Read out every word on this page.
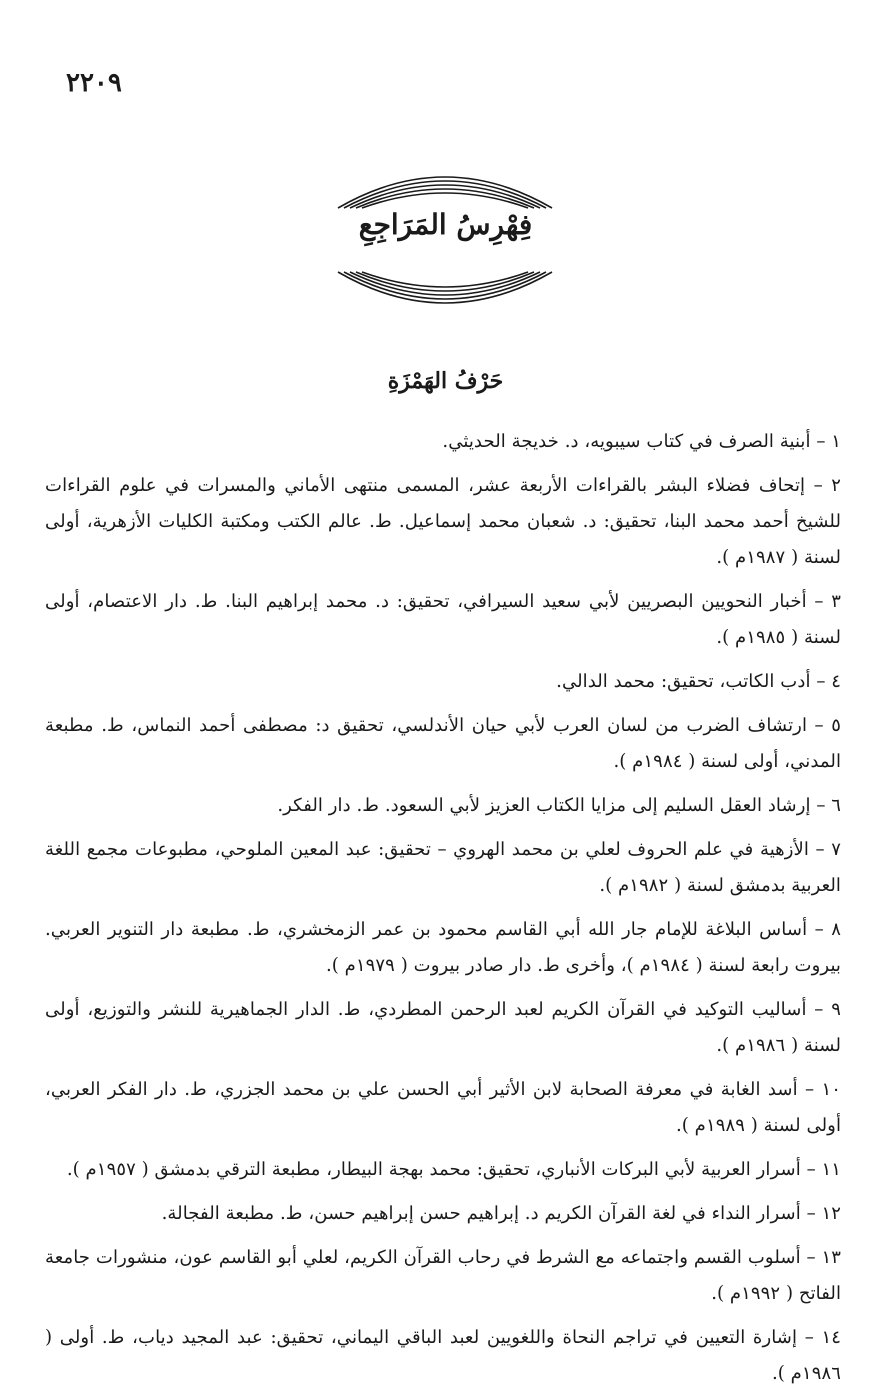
٢٢٠٩
فِهْرِسُ المَرَاجِعِ
حَرْفُ الهَمْزَةِ

١ – أبنية الصرف في كتاب سيبويه، د. خديجة الحديثي.

٢ – إتحاف فضلاء البشر بالقراءات الأربعة عشر، المسمى منتهى الأماني والمسرات في علوم القراءات للشيخ أحمد محمد البنا، تحقيق: د. شعبان محمد إسماعيل. ط. عالم الكتب ومكتبة الكليات الأزهرية، أولى لسنة ( ١٩٨٧م ).

٣ – أخبار النحويين البصريين لأبي سعيد السيرافي، تحقيق: د. محمد إبراهيم البنا. ط. دار الاعتصام، أولى لسنة ( ١٩٨٥م ).

٤ – أدب الكاتب، تحقيق: محمد الدالي.

٥ – ارتشاف الضرب من لسان العرب لأبي حيان الأندلسي، تحقيق د: مصطفى أحمد النماس، ط. مطبعة المدني، أولى لسنة ( ١٩٨٤م ).

٦ – إرشاد العقل السليم إلى مزايا الكتاب العزيز لأبي السعود. ط. دار الفكر.

٧ – الأزهية في علم الحروف لعلي بن محمد الهروي – تحقيق: عبد المعين الملوحي، مطبوعات مجمع اللغة العربية بدمشق لسنة ( ١٩٨٢م ).

٨ – أساس البلاغة للإمام جار الله أبي القاسم محمود بن عمر الزمخشري، ط. مطبعة دار التنوير العربي. بيروت رابعة لسنة ( ١٩٨٤م )، وأخرى ط. دار صادر بيروت ( ١٩٧٩م ).

٩ – أساليب التوكيد في القرآن الكريم لعبد الرحمن المطردي، ط. الدار الجماهيرية للنشر والتوزيع، أولى لسنة ( ١٩٨٦م ).

١٠ – أسد الغابة في معرفة الصحابة لابن الأثير أبي الحسن علي بن محمد الجزري، ط. دار الفكر العربي، أولى لسنة ( ١٩٨٩م ).

١١ – أسرار العربية لأبي البركات الأنباري، تحقيق: محمد بهجة البيطار، مطبعة الترقي بدمشق ( ١٩٥٧م ).

١٢ – أسرار النداء في لغة القرآن الكريم د. إبراهيم حسن إبراهيم حسن، ط. مطبعة الفجالة.

١٣ – أسلوب القسم واجتماعه مع الشرط في رحاب القرآن الكريم، لعلي أبو القاسم عون، منشورات جامعة الفاتح ( ١٩٩٢م ).

١٤ – إشارة التعيين في تراجم النحاة واللغويين لعبد الباقي اليماني، تحقيق: عبد المجيد دياب، ط. أولى ( ١٩٨٦م ).
